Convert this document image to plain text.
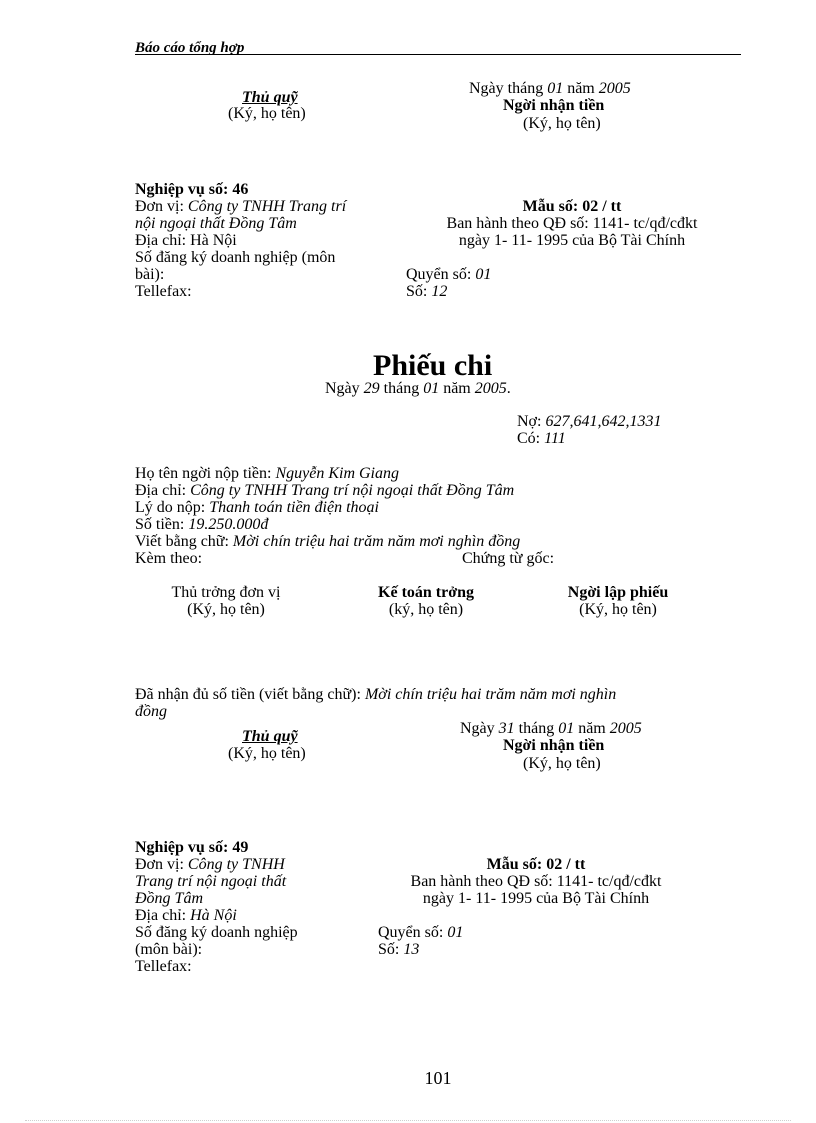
Báo cáo tổng hợp
Ngày tháng 01 năm 2005
Thủ quỹ
(Ký, họ tên)	Ngời nhận tiền
(Ký, họ tên)
Nghiệp vụ số: 46
Đơn vị: Công ty TNHH Trang trí
nội ngoại thất Đồng Tâm
Địa chỉ: Hà Nội
Số đăng ký doanh nghiệp (môn
bài):
Tellefax:
Mẫu số: 02 / tt
Ban hành theo QĐ số: 1141- tc/qđ/cđkt
ngày 1- 11- 1995 của Bộ Tài Chính
Quyển số: 01
Số: 12
Phiếu chi
Ngày 29 tháng 01 năm 2005.
Nợ: 627,641,642,1331
Có: 111
Họ tên ngời nộp tiền: Nguyễn Kim Giang
Địa chỉ: Công ty TNHH Trang trí nội ngoại thất Đồng Tâm
Lý do nộp: Thanh toán tiền điện thoại
Số tiền: 19.250.000đ
Viết bằng chữ: Mời chín triệu hai trăm năm mơi nghìn đồng
Kèm theo:	Chứng từ gốc:
Thủ trởng đơn vị
(Ký, họ tên)
Kế toán trởng
(ký, họ tên)
Ngời lập phiếu
(Ký, họ tên)
Đã nhận đủ số tiền (viết bằng chữ): Mời chín triệu hai trăm năm mơi nghìn
đồng
Ngày 31 tháng 01 năm 2005
Thủ quỹ
(Ký, họ tên)	Ngời nhận tiền
(Ký, họ tên)
Nghiệp vụ số: 49
Đơn vị: Công ty TNHH
Trang trí nội ngoại thất
Đồng Tâm
Địa chỉ: Hà Nội
Số đăng ký doanh nghiệp
(môn bài):
Tellefax:
Mẫu số: 02 / tt
Ban hành theo QĐ số: 1141- tc/qđ/cđkt
ngày 1- 11- 1995 của Bộ Tài Chính
Quyển số: 01
Số: 13
101
